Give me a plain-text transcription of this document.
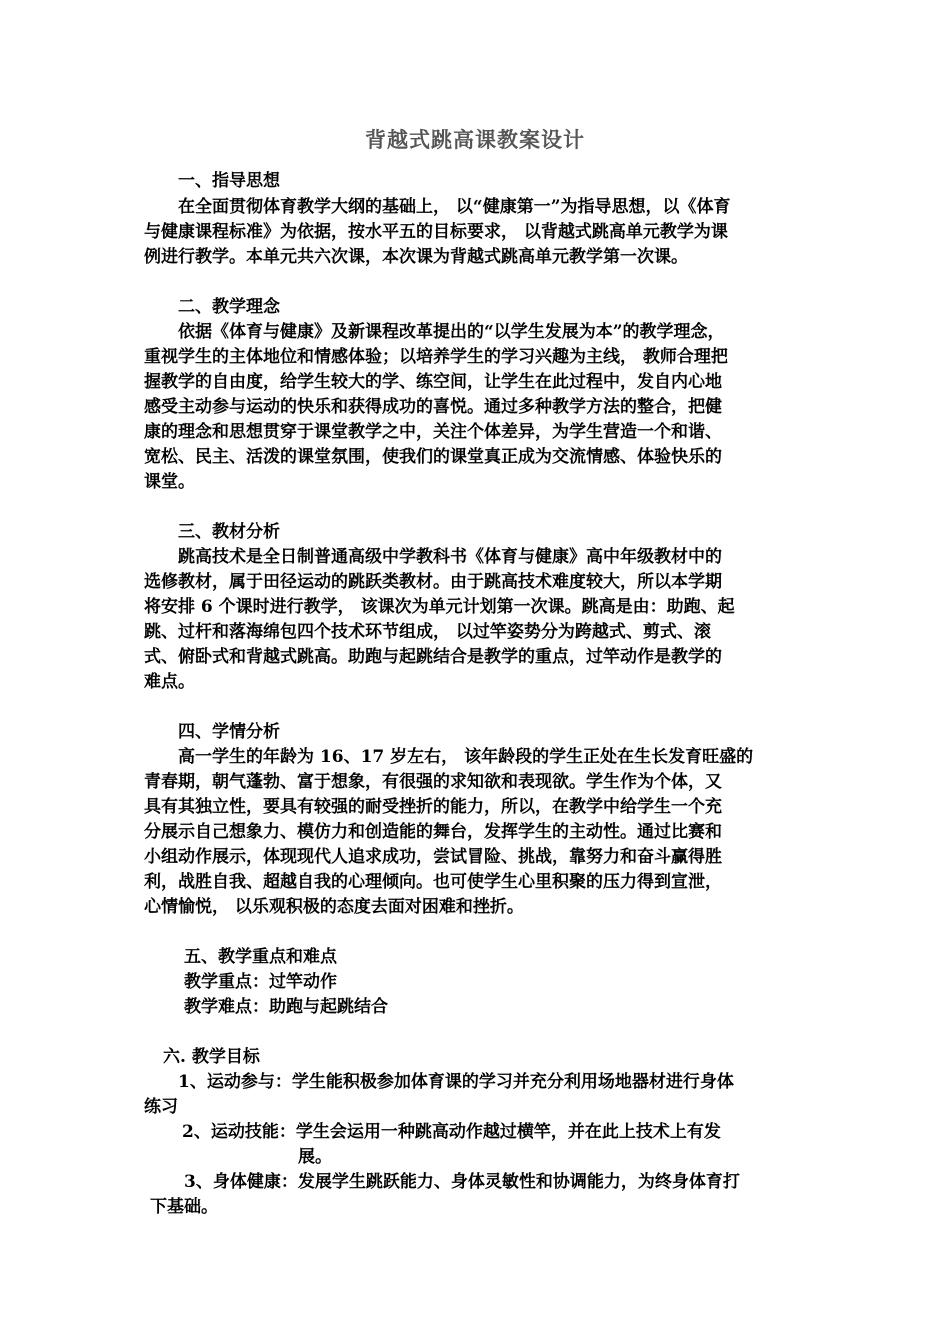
背越式跳高课教案设计
一、指导思想
在全面贯彻体育教学大纲的基础上， 以“健康第一”为指导思想，以《体育
与健康课程标准》为依据，按水平五的目标要求， 以背越式跳高单元教学为课
例进行教学。本单元共六次课，本次课为背越式跳高单元教学第一次课。
二、教学理念
依据《体育与健康》及新课程改革提出的“以学生发展为本”的教学理念，
重视学生的主体地位和情感体验；以培养学生的学习兴趣为主线， 教师合理把
握教学的自由度，给学生较大的学、练空间，让学生在此过程中，发自内心地
感受主动参与运动的快乐和获得成功的喜悦。通过多种教学方法的整合，把健
康的理念和思想贯穿于课堂教学之中，关注个体差异，为学生营造一个和谐、
宽松、民主、活泼的课堂氛围，使我们的课堂真正成为交流情感、体验快乐的
课堂。
三、教材分析
跳高技术是全日制普通高级中学教科书《体育与健康》高中年级教材中的
选修教材，属于田径运动的跳跃类教材。由于跳高技术难度较大，所以本学期
将安排 6 个课时进行教学， 该课次为单元计划第一次课。跳高是由：助跑、起
跳、过杆和落海绵包四个技术环节组成， 以过竿姿势分为跨越式、剪式、滚
式、俯卧式和背越式跳高。助跑与起跳结合是教学的重点，过竿动作是教学的
难点。
四、学情分析
高一学生的年龄为 16、17 岁左右， 该年龄段的学生正处在生长发育旺盛的
青春期，朝气蓬勃、富于想象，有很强的求知欲和表现欲。学生作为个体，又
具有其独立性，要具有较强的耐受挫折的能力，所以，在教学中给学生一个充
分展示自己想象力、模仿力和创造能的舞台，发挥学生的主动性。通过比赛和
小组动作展示，体现现代人追求成功，尝试冒险、挑战，靠努力和奋斗赢得胜
利，战胜自我、超越自我的心理倾向。也可使学生心里积聚的压力得到宣泄，
心情愉悦， 以乐观积极的态度去面对困难和挫折。
五、教学重点和难点
教学重点：过竿动作
教学难点：助跑与起跳结合
六. 教学目标
1、运动参与：学生能积极参加体育课的学习并充分利用场地器材进行身体
练习
2、运动技能：学生会运用一种跳高动作越过横竿，并在此上技术上有发
展。
3、身体健康：发展学生跳跃能力、身体灵敏性和协调能力，为终身体育打
下基础。
